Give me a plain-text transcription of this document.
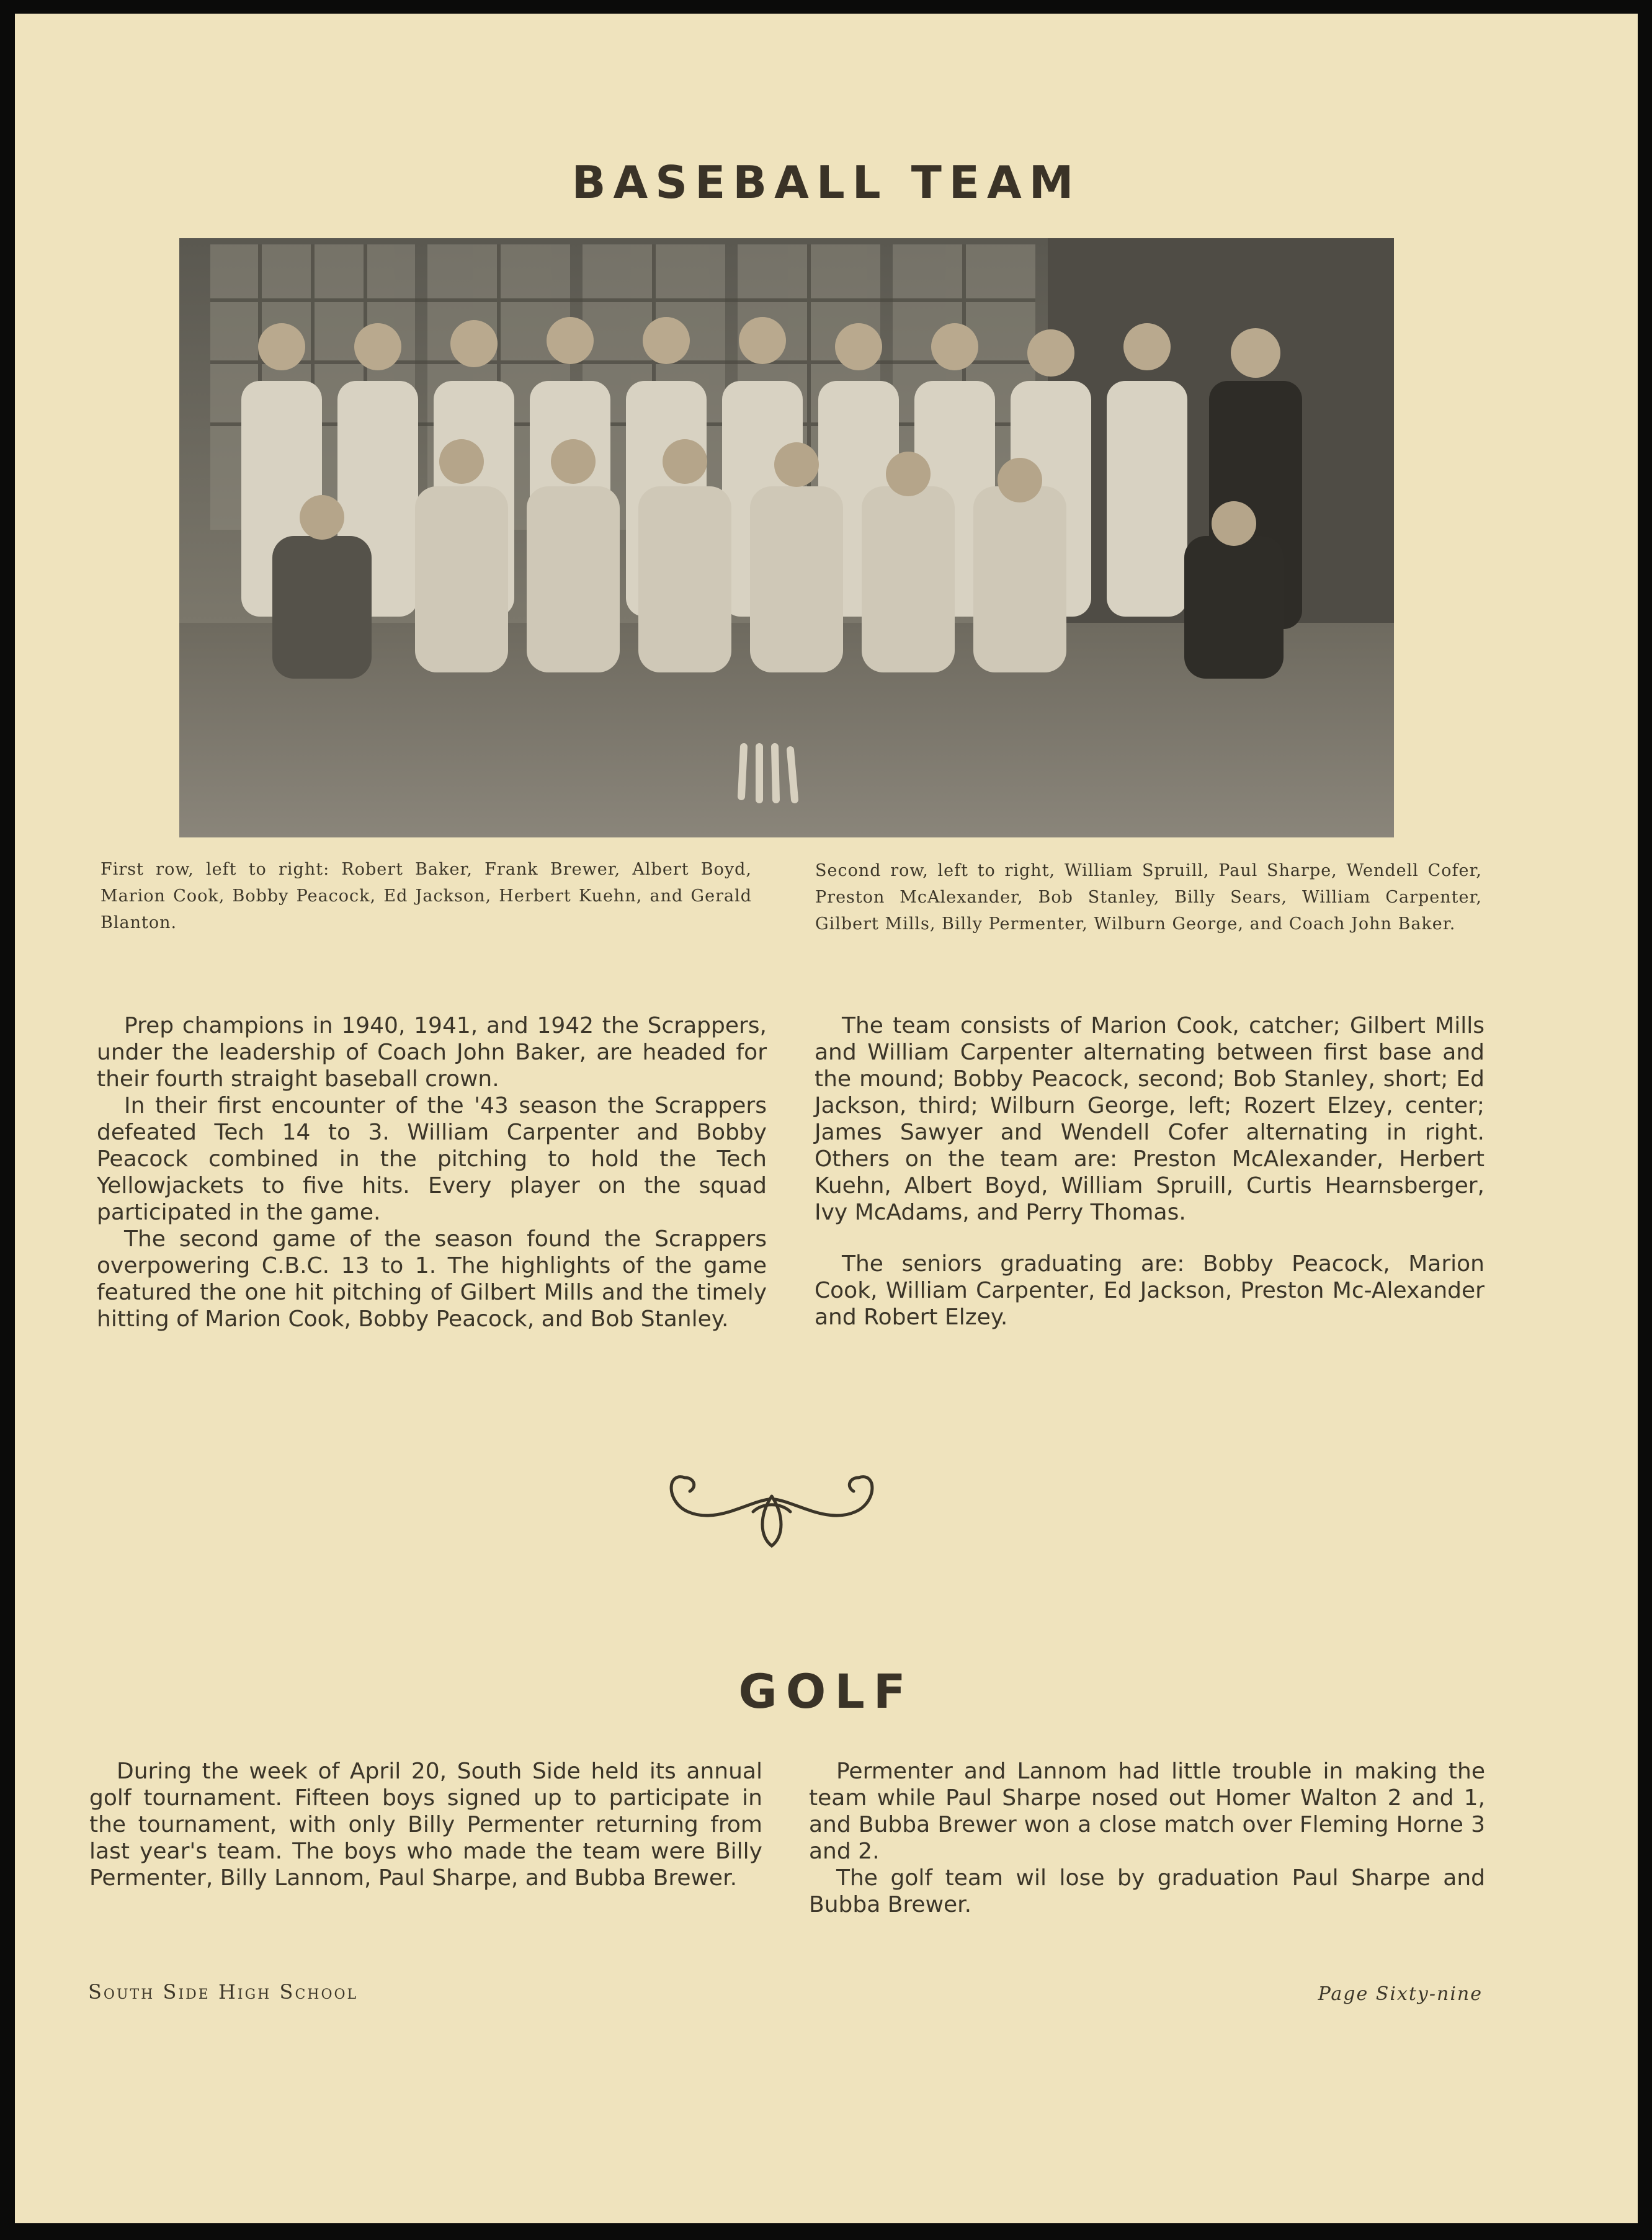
BASEBALL TEAM

First row, left to right: Robert Baker, Frank Brewer, Albert Boyd, Marion Cook, Bobby Peacock, Ed Jackson, Herbert Kuehn, and Gerald Blanton.

Second row, left to right, William Spruill, Paul Sharpe, Wendell Cofer, Preston McAlexander, Bob Stanley, Billy Sears, William Carpenter, Gilbert Mills, Billy Permenter, Wilburn George, and Coach John Baker.

Prep champions in 1940, 1941, and 1942 the Scrappers, under the leadership of Coach John Baker, are headed for their fourth straight baseball crown.

In their first encounter of the '43 season the Scrappers defeated Tech 14 to 3. William Carpenter and Bobby Peacock combined in the pitching to hold the Tech Yellowjackets to five hits. Every player on the squad participated in the game.

The second game of the season found the Scrappers overpowering C.B.C. 13 to 1. The highlights of the game featured the one hit pitching of Gilbert Mills and the timely hitting of Marion Cook, Bobby Peacock, and Bob Stanley.

The team consists of Marion Cook, catcher; Gilbert Mills and William Carpenter alternating between first base and the mound; Bobby Peacock, second; Bob Stanley, short; Ed Jackson, third; Wilburn George, left; Rozert Elzey, center; James Sawyer and Wendell Cofer alternating in right. Others on the team are: Preston McAlexander, Herbert Kuehn, Albert Boyd, William Spruill, Curtis Hearnsberger, Ivy McAdams, and Perry Thomas.

The seniors graduating are: Bobby Peacock, Marion Cook, William Carpenter, Ed Jackson, Preston Mc-Alexander and Robert Elzey.

GOLF

During the week of April 20, South Side held its annual golf tournament. Fifteen boys signed up to participate in the tournament, with only Billy Permenter returning from last year's team. The boys who made the team were Billy Permenter, Billy Lannom, Paul Sharpe, and Bubba Brewer.

Permenter and Lannom had little trouble in making the team while Paul Sharpe nosed out Homer Walton 2 and 1, and Bubba Brewer won a close match over Fleming Horne 3 and 2.

The golf team wil lose by graduation Paul Sharpe and Bubba Brewer.

South Side High School	Page Sixty-nine
